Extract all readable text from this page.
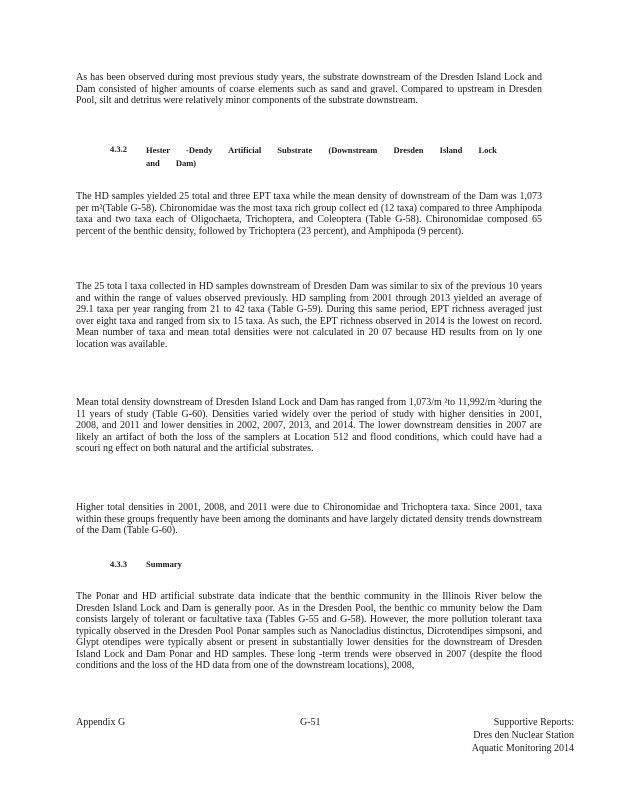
As has been observed during most previous study years, the substrate downstream of the Dresden Island Lock and Dam consisted of higher amounts of coarse elements such as sand and gravel. Compared to upstream in Dresden Pool, silt and detritus were relatively minor components of the substrate downstream.

4.3.2 Hester -Dendy Artificial Substrate (Downstream Dresden Island Lock and Dam)

The HD samples yielded 25 total and three EPT taxa while the mean density of downstream of the Dam was 1,073 per m²(Table G-58). Chironomidae was the most taxa rich group collect ed (12 taxa) compared to three Amphipoda taxa and two taxa each of Oligochaeta, Trichoptera, and Coleoptera (Table G-58). Chironomidae composed 65 percent of the benthic density, followed by Trichoptera (23 percent), and Amphipoda (9 percent).

The 25 tota l taxa collected in HD samples downstream of Dresden Dam was similar to six of the previous 10 years and within the range of values observed previously. HD sampling from 2001 through 2013 yielded an average of 29.1 taxa per year ranging from 21 to 42 taxa (Table G-59). During this same period, EPT richness averaged just over eight taxa and ranged from six to 15 taxa. As such, the EPT richness observed in 2014 is the lowest on record. Mean number of taxa and mean total densities were not calculated in 20 07 because HD results from on ly one location was available.

Mean total density downstream of Dresden Island Lock and Dam has ranged from 1,073/m ²to 11,992/m ²during the 11 years of study (Table G-60). Densities varied widely over the period of study with higher densities in 2001, 2008, and 2011 and lower densities in 2002, 2007, 2013, and 2014. The lower downstream densities in 2007 are likely an artifact of both the loss of the samplers at Location 512 and flood conditions, which could have had a scouri ng effect on both natural and the artificial substrates.

Higher total densities in 2001, 2008, and 2011 were due to Chironomidae and Trichoptera taxa. Since 2001, taxa within these groups frequently have been among the dominants and have largely dictated density trends downstream of the Dam (Table G-60).

4.3.3 Summary

The Ponar and HD artificial substrate data indicate that the benthic community in the Illinois River below the Dresden Island Lock and Dam is generally poor. As in the Dresden Pool, the benthic co mmunity below the Dam consists largely of tolerant or facultative taxa (Tables G-55 and G-58). However, the more pollution tolerant taxa typically observed in the Dresden Pool Ponar samples such as Nanocladius distinctus, Dicrotendipes simpsoni, and Glypt otendipes were typically absent or present in substantially lower densities for the downstream of Dresden Island Lock and Dam Ponar and HD samples. These long -term trends were observed in 2007 (despite the flood conditions and the loss of the HD data from one of the downstream locations), 2008,

Appendix G	G-51	Supportive Reports:
Dres den Nuclear Station
Aquatic Monitoring 2014
